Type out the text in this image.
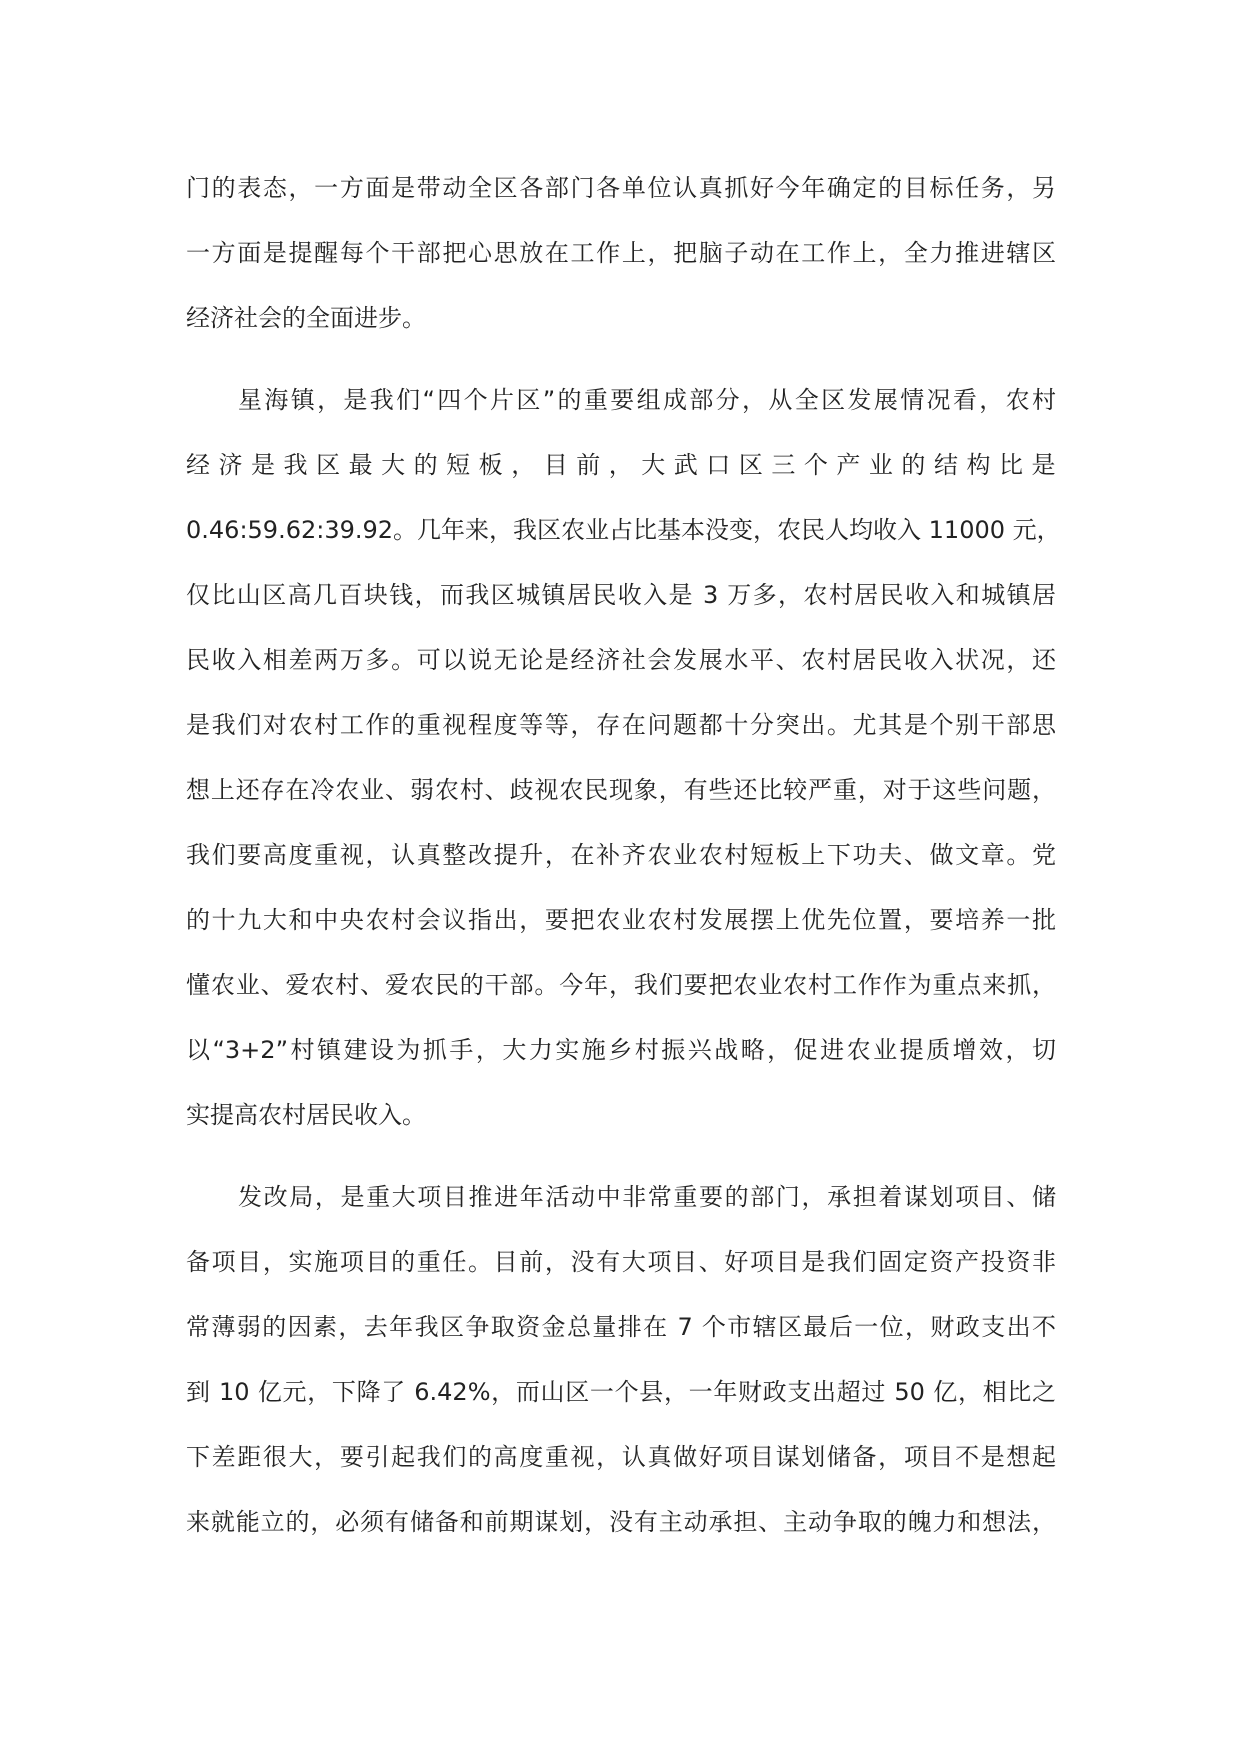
门的表态，一方面是带动全区各部门各单位认真抓好今年确定的目标任务，另
一方面是提醒每个干部把心思放在工作上，把脑子动在工作上，全力推进辖区
经济社会的全面进步。
星海镇，是我们“四个片区”的重要组成部分，从全区发展情况看，农村
经济是我区最大的短板，目前，大武口区三个产业的结构比是
0.46:59.62:39.92。几年来，我区农业占比基本没变，农民人均收入 11000 元，
仅比山区高几百块钱，而我区城镇居民收入是 3 万多，农村居民收入和城镇居
民收入相差两万多。可以说无论是经济社会发展水平、农村居民收入状况，还
是我们对农村工作的重视程度等等，存在问题都十分突出。尤其是个别干部思
想上还存在冷农业、弱农村、歧视农民现象，有些还比较严重，对于这些问题，
我们要高度重视，认真整改提升，在补齐农业农村短板上下功夫、做文章。党
的十九大和中央农村会议指出，要把农业农村发展摆上优先位置，要培养一批
懂农业、爱农村、爱农民的干部。今年，我们要把农业农村工作作为重点来抓，
以“3+2”村镇建设为抓手，大力实施乡村振兴战略，促进农业提质增效，切
实提高农村居民收入。
发改局，是重大项目推进年活动中非常重要的部门，承担着谋划项目、储
备项目，实施项目的重任。目前，没有大项目、好项目是我们固定资产投资非
常薄弱的因素，去年我区争取资金总量排在 7 个市辖区最后一位，财政支出不
到 10 亿元，下降了 6.42%，而山区一个县，一年财政支出超过 50 亿，相比之
下差距很大，要引起我们的高度重视，认真做好项目谋划储备，项目不是想起
来就能立的，必须有储备和前期谋划，没有主动承担、主动争取的魄力和想法，
